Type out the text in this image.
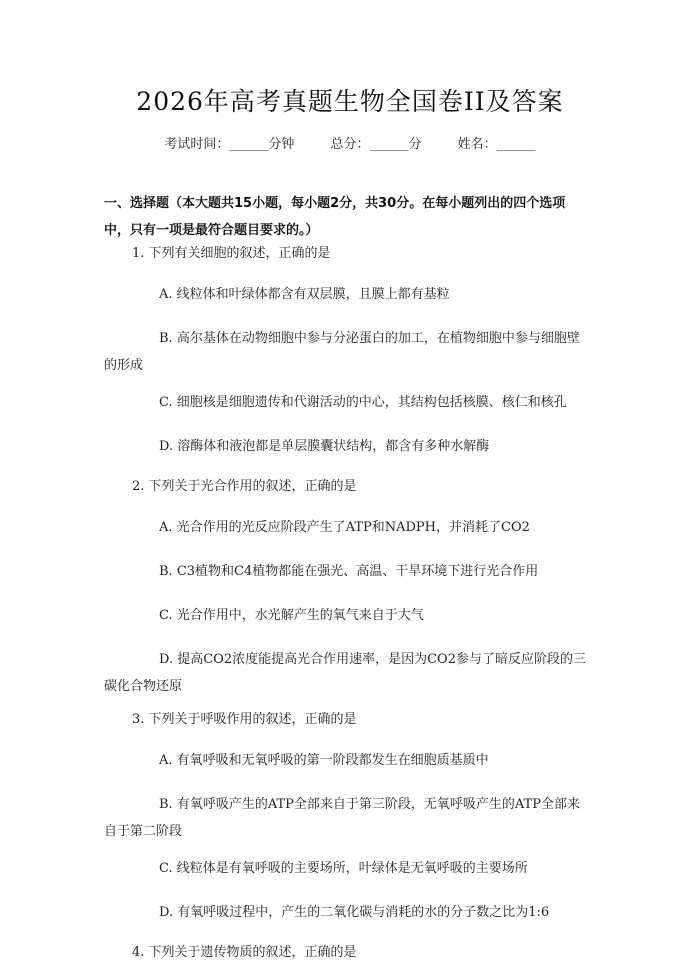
2026年高考真题生物全国卷II及答案
考试时间：______分钟	总分：______分	姓名：______
一、选择题（本大题共15小题，每小题2分，共30分。在每小题列出的四个选项中，只有一项是最符合题目要求的。）
1. 下列有关细胞的叙述，正确的是
A. 线粒体和叶绿体都含有双层膜，且膜上都有基粒
B. 高尔基体在动物细胞中参与分泌蛋白的加工，在植物细胞中参与细胞壁的形成
C. 细胞核是细胞遗传和代谢活动的中心，其结构包括核膜、核仁和核孔
D. 溶酶体和液泡都是单层膜囊状结构，都含有多种水解酶
2. 下列关于光合作用的叙述，正确的是
A. 光合作用的光反应阶段产生了ATP和NADPH，并消耗了CO2
B. C3植物和C4植物都能在强光、高温、干旱环境下进行光合作用
C. 光合作用中，水光解产生的氧气来自于大气
D. 提高CO2浓度能提高光合作用速率，是因为CO2参与了暗反应阶段的三碳化合物还原
3. 下列关于呼吸作用的叙述，正确的是
A. 有氧呼吸和无氧呼吸的第一阶段都发生在细胞质基质中
B. 有氧呼吸产生的ATP全部来自于第三阶段，无氧呼吸产生的ATP全部来自于第二阶段
C. 线粒体是有氧呼吸的主要场所，叶绿体是无氧呼吸的主要场所
D. 有氧呼吸过程中，产生的二氧化碳与消耗的水的分子数之比为1:6
4. 下列关于遗传物质的叙述，正确的是
